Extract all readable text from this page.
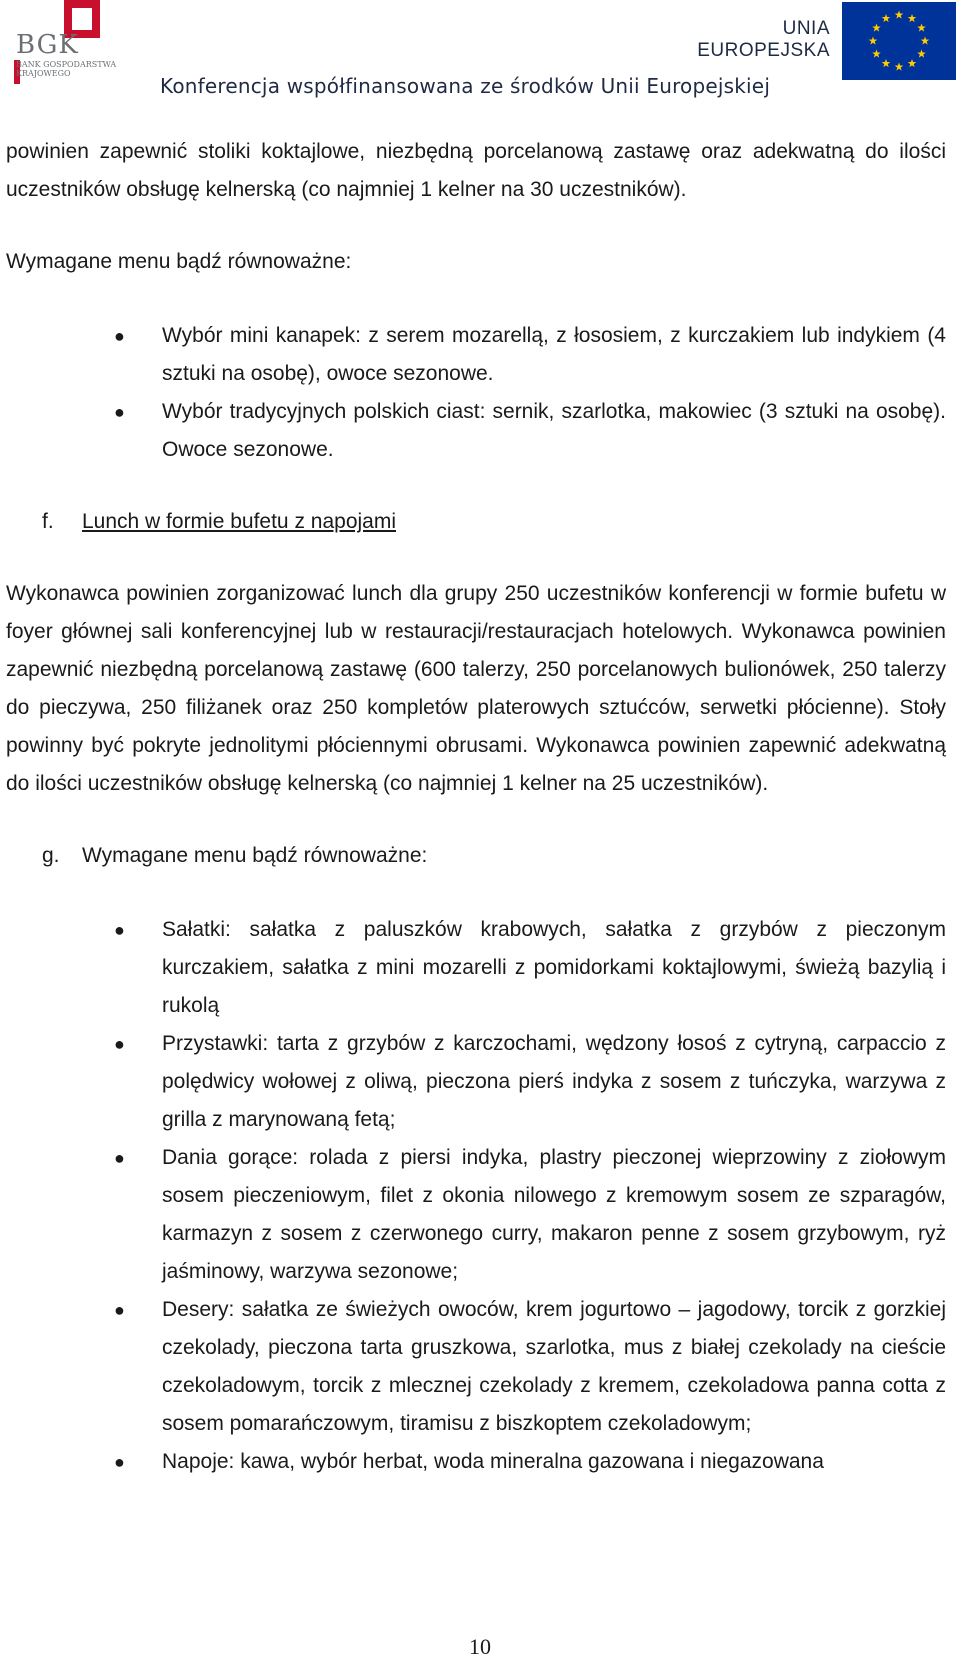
BGK
BANK GOSPODARSTWA KRAJOWEGO
UNIA
EUROPEJSKA
Konferencja współfinansowana ze środków Unii Europejskiej

powinien zapewnić stoliki koktajlowe, niezbędną porcelanową zastawę oraz adekwatną do ilości uczestników obsługę kelnerską (co najmniej 1 kelner na 30 uczestników).

Wymagane menu bądź równoważne:

● Wybór mini kanapek: z serem mozarellą, z łososiem, z kurczakiem lub indykiem (4 sztuki na osobę), owoce sezonowe.
● Wybór tradycyjnych polskich ciast: sernik, szarlotka, makowiec (3 sztuki na osobę). Owoce sezonowe.
f. Lunch w formie bufetu z napojami

Wykonawca powinien zorganizować lunch dla grupy 250 uczestników konferencji w formie bufetu w foyer głównej sali konferencyjnej lub w restauracji/restauracjach hotelowych. Wykonawca powinien zapewnić niezbędną porcelanową zastawę (600 talerzy, 250 porcelanowych bulionówek, 250 talerzy do pieczywa, 250 filiżanek oraz 250 kompletów platerowych sztućców, serwetki płócienne). Stoły powinny być pokryte jednolitymi płóciennymi obrusami. Wykonawca powinien zapewnić adekwatną do ilości uczestników obsługę kelnerską (co najmniej 1 kelner na 25 uczestników).

g. Wymagane menu bądź równoważne:
● Sałatki: sałatka z paluszków krabowych, sałatka z grzybów z pieczonym kurczakiem, sałatka z mini mozarelli z pomidorkami koktajlowymi, świeżą bazylią i rukolą
● Przystawki: tarta z grzybów z karczochami, wędzony łosoś z cytryną, carpaccio z polędwicy wołowej z oliwą, pieczona pierś indyka z sosem z tuńczyka, warzywa z grilla z marynowaną fetą;
● Dania gorące: rolada z piersi indyka, plastry pieczonej wieprzowiny z ziołowym sosem pieczeniowym, filet z okonia nilowego z kremowym sosem ze szparagów, karmazyn z sosem z czerwonego curry, makaron penne z sosem grzybowym, ryż jaśminowy, warzywa sezonowe;
● Desery: sałatka ze świeżych owoców, krem jogurtowo – jagodowy, torcik z gorzkiej czekolady, pieczona tarta gruszkowa, szarlotka, mus z białej czekolady na cieście czekoladowym, torcik z mlecznej czekolady z kremem, czekoladowa panna cotta z sosem pomarańczowym, tiramisu z biszkoptem czekoladowym;
● Napoje: kawa, wybór herbat, woda mineralna gazowana i niegazowana
10
